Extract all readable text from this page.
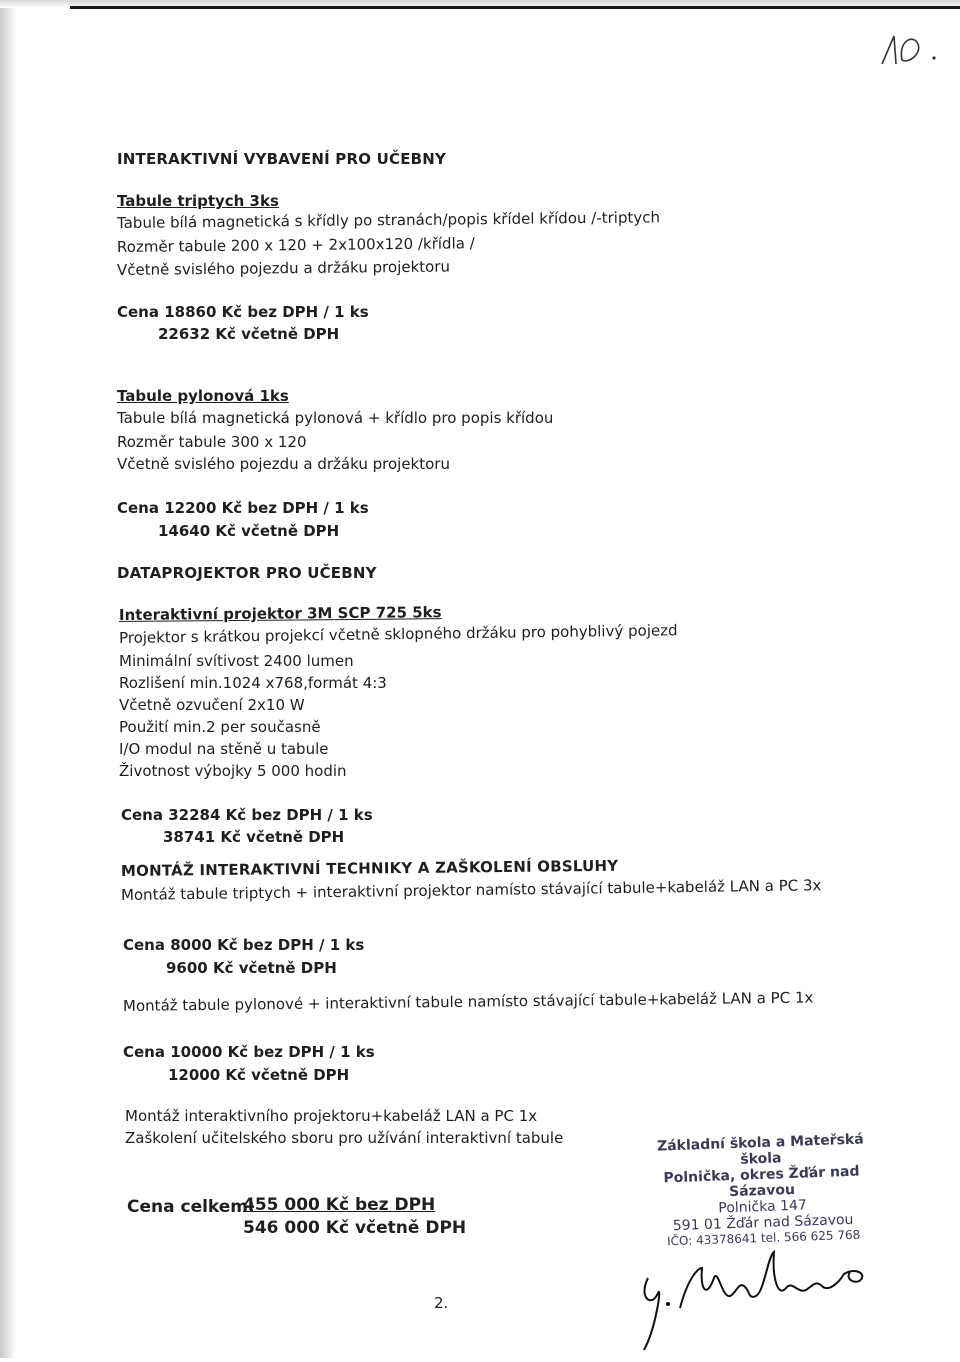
INTERAKTIVNÍ VYBAVENÍ PRO UČEBNY
Tabule triptych 3ks
Tabule bílá magnetická s křídly po stranách/popis křídel křídou /-triptych
Rozměr tabule 200 x 120 + 2x100x120 /křídla /
Včetně svislého pojezdu a držáku projektoru
Cena 18860 Kč bez DPH / 1 ks
22632 Kč včetně DPH
Tabule pylonová 1ks
Tabule bílá magnetická pylonová + křídlo pro popis křídou
Rozměr tabule 300 x 120
Včetně svislého pojezdu a držáku projektoru
Cena 12200 Kč bez DPH / 1 ks
14640 Kč včetně DPH
DATAPROJEKTOR PRO UČEBNY
Interaktivní projektor 3M SCP 725 5ks
Projektor s krátkou projekcí včetně sklopného držáku pro pohyblivý pojezd
Minimální svítivost 2400 lumen
Rozlišení min.1024 x768,formát 4:3
Včetně ozvučení 2x10 W
Použití min.2 per současně
I/O modul na stěně u tabule
Životnost výbojky 5 000 hodin
Cena 32284 Kč bez DPH / 1 ks
38741 Kč včetně DPH
MONTÁŽ INTERAKTIVNÍ TECHNIKY A ZAŠKOLENÍ OBSLUHY
Montáž tabule triptych + interaktivní projektor namísto stávající tabule+kabeláž LAN a PC 3x
Cena 8000 Kč bez DPH / 1 ks
9600 Kč včetně DPH
Montáž tabule pylonové + interaktivní tabule namísto stávající tabule+kabeláž LAN a PC 1x
Cena 10000 Kč bez DPH / 1 ks
12000 Kč včetně DPH
Montáž interaktivního projektoru+kabeláž LAN a PC 1x
Zaškolení učitelského sboru pro užívání interaktivní tabule
Cena celkem:
455 000 Kč bez DPH
546 000 Kč včetně DPH
Základní škola a Mateřská škola
Polnička, okres Žďár nad Sázavou
Polnička 147
591 01 Žďár nad Sázavou
IČO: 43378641 tel. 566 625 768
2.
